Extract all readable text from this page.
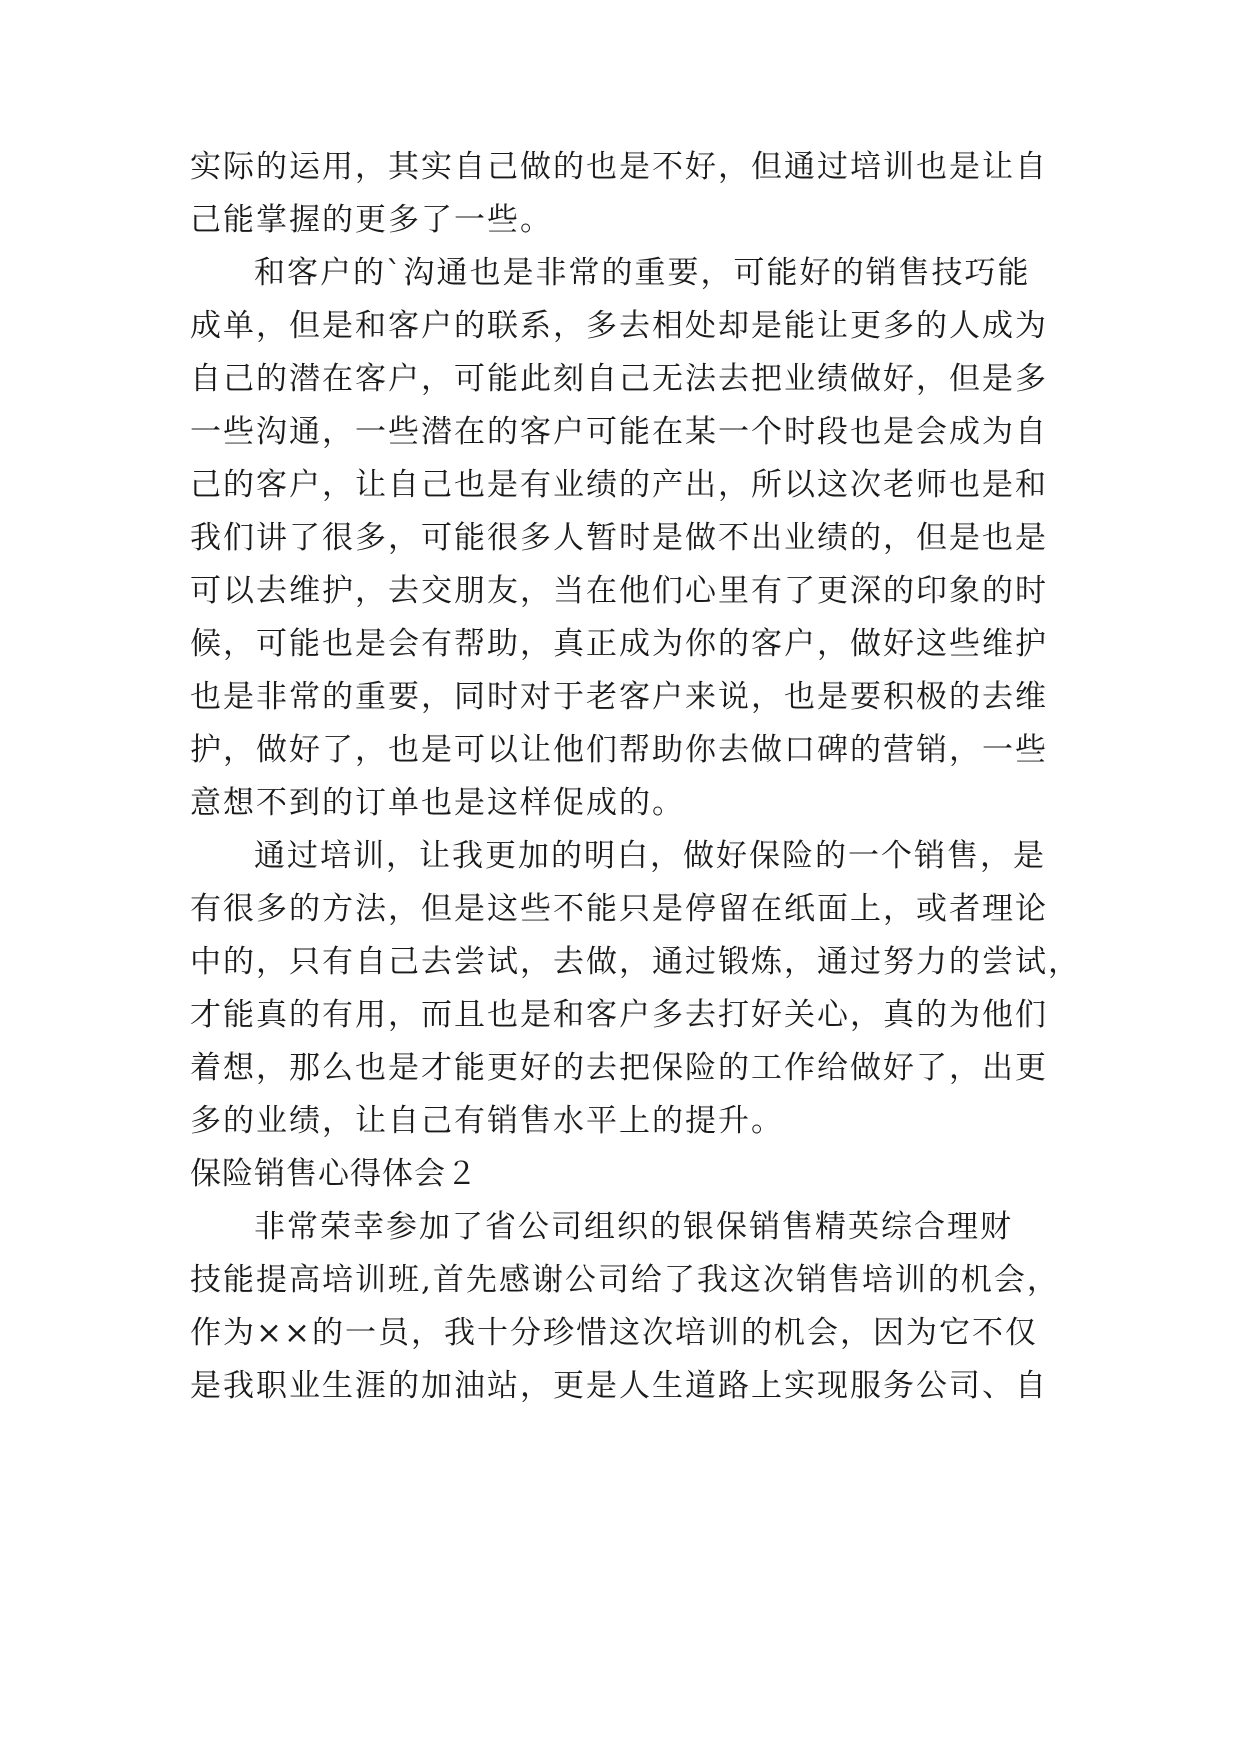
实际的运用，其实自己做的也是不好，但通过培训也是让自
己能掌握的更多了一些。
和客户的`沟通也是非常的重要，可能好的销售技巧能
成单，但是和客户的联系，多去相处却是能让更多的人成为
自己的潜在客户，可能此刻自己无法去把业绩做好，但是多
一些沟通，一些潜在的客户可能在某一个时段也是会成为自
己的客户，让自己也是有业绩的产出，所以这次老师也是和
我们讲了很多，可能很多人暂时是做不出业绩的，但是也是
可以去维护，去交朋友，当在他们心里有了更深的印象的时
候，可能也是会有帮助，真正成为你的客户，做好这些维护
也是非常的重要，同时对于老客户来说，也是要积极的去维
护，做好了，也是可以让他们帮助你去做口碑的营销，一些
意想不到的订单也是这样促成的。
通过培训，让我更加的明白，做好保险的一个销售，是
有很多的方法，但是这些不能只是停留在纸面上，或者理论
中的，只有自己去尝试，去做，通过锻炼，通过努力的尝试，
才能真的有用，而且也是和客户多去打好关心，真的为他们
着想，那么也是才能更好的去把保险的工作给做好了，出更
多的业绩，让自己有销售水平上的提升。
保险销售心得体会２
非常荣幸参加了省公司组织的银保销售精英综合理财
技能提高培训班,首先感谢公司给了我这次销售培训的机会，
作为××的一员，我十分珍惜这次培训的机会，因为它不仅
是我职业生涯的加油站，更是人生道路上实现服务公司、自
